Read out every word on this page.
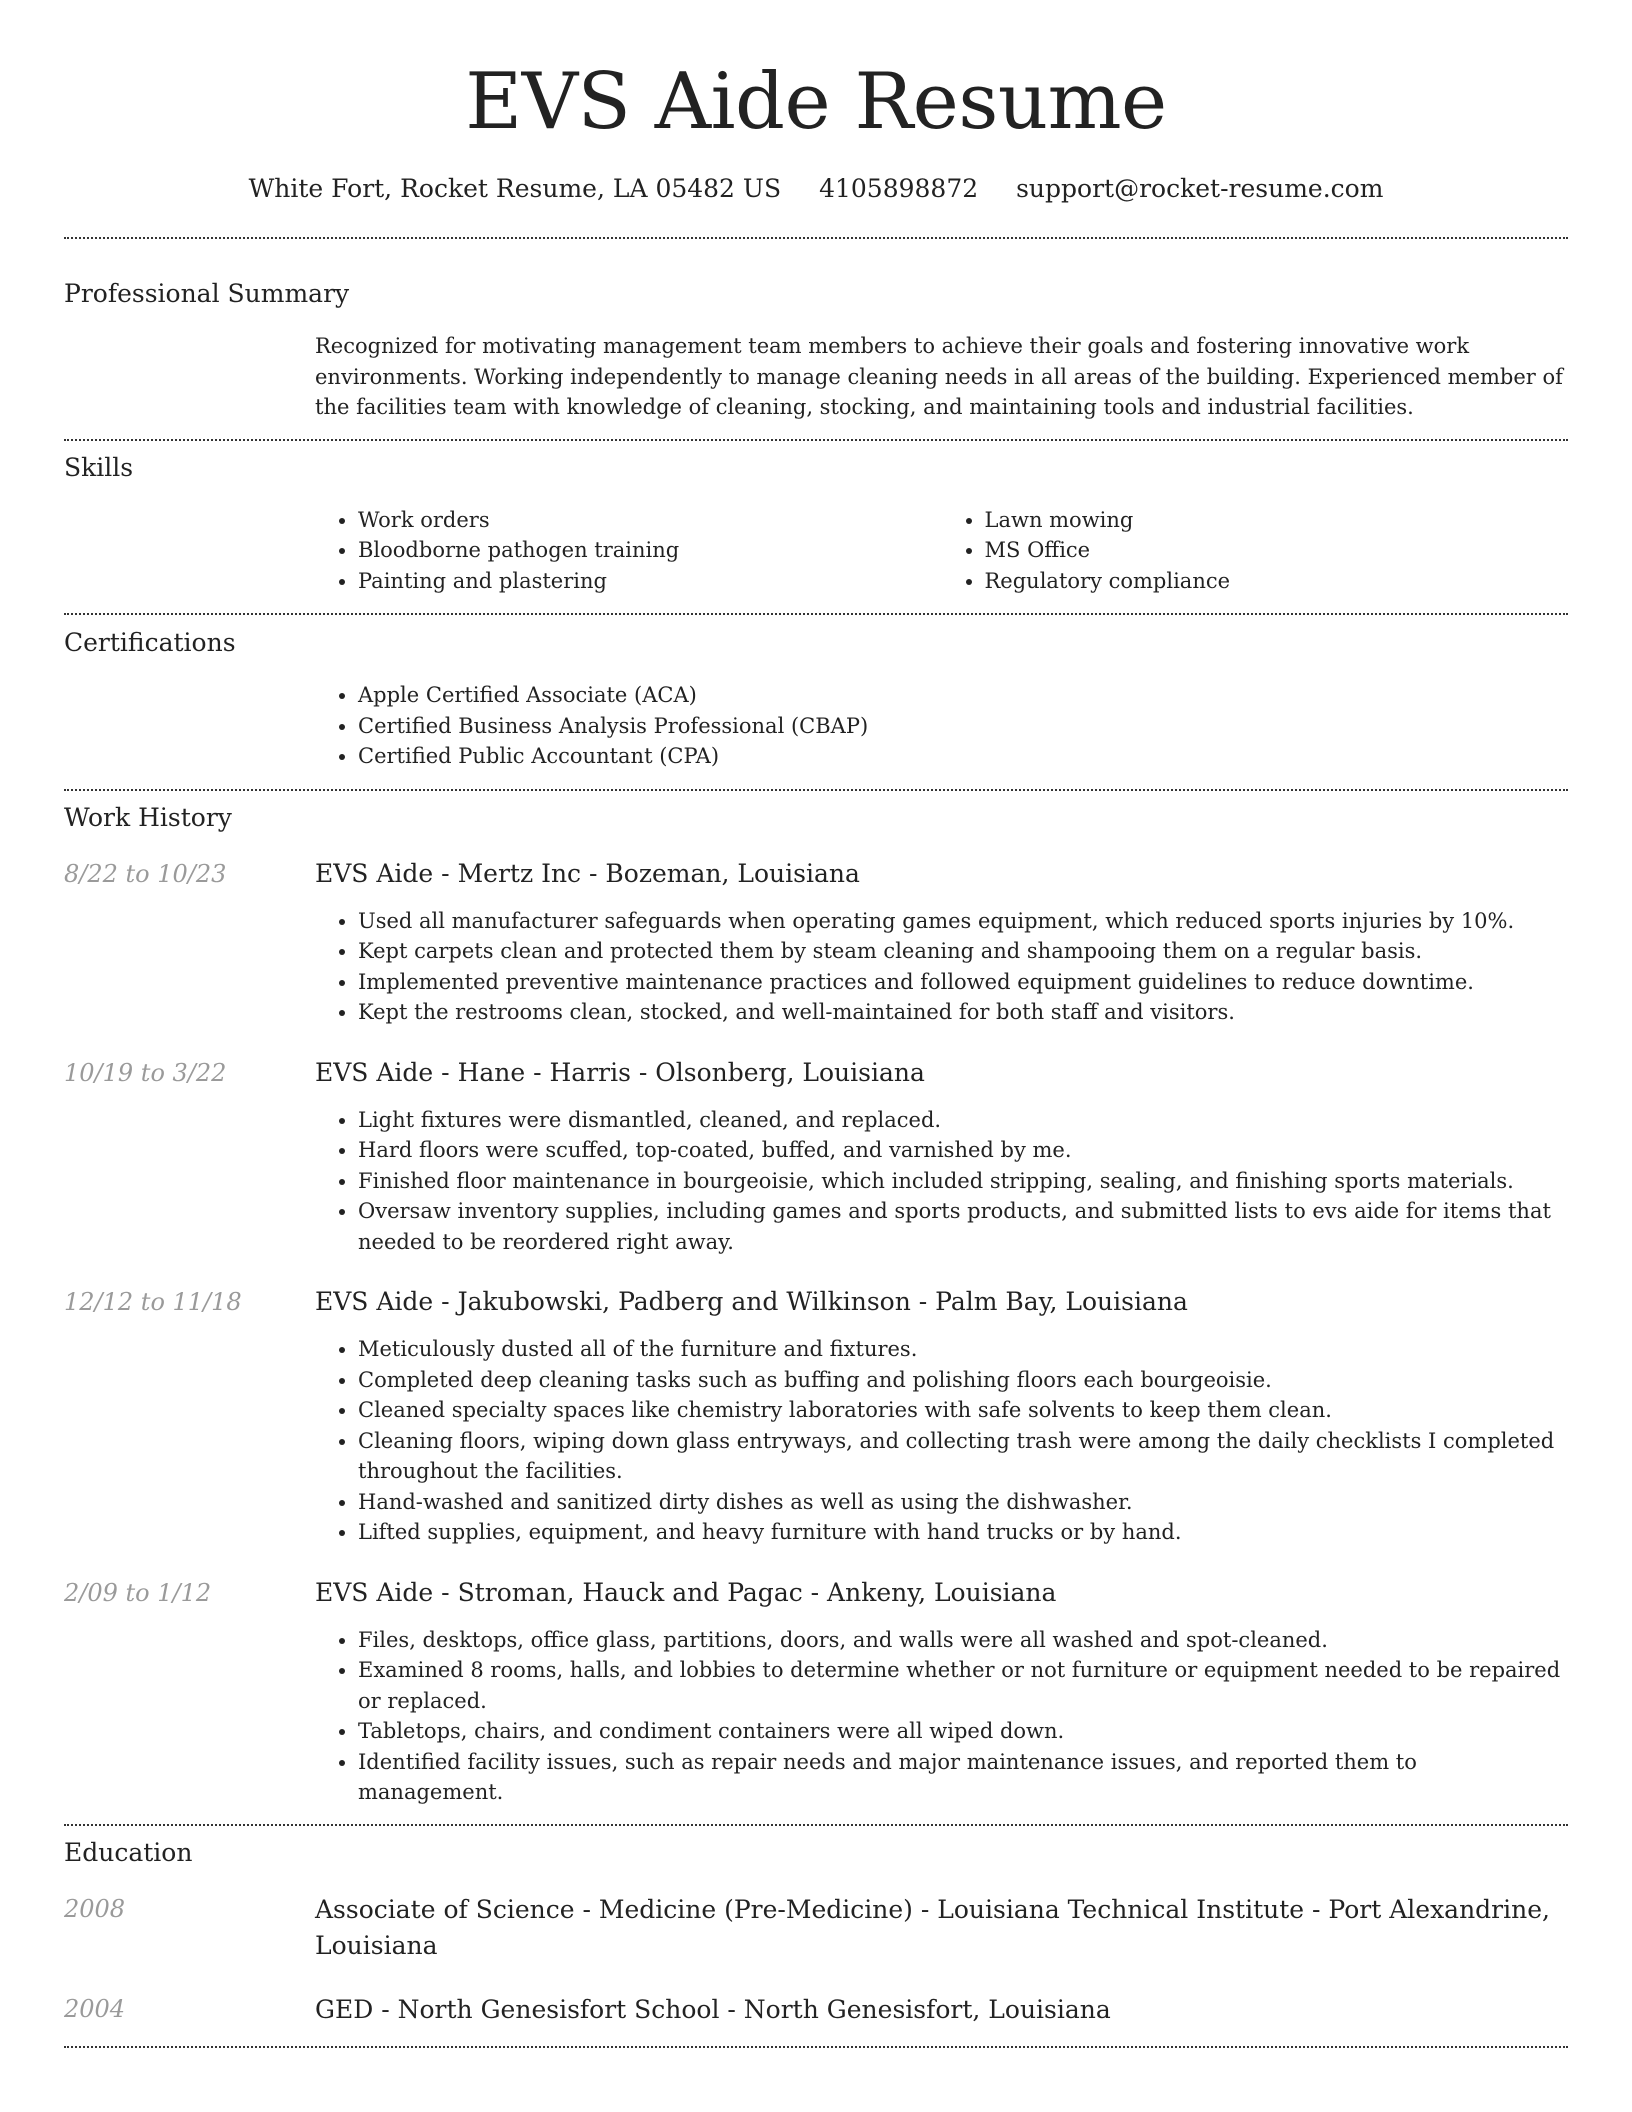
EVS Aide Resume
White Fort, Rocket Resume, LA 05482 US 4105898872 support@rocket-resume.com
Professional Summary

Recognized for motivating management team members to achieve their goals and fostering innovative work environments. Working independently to manage cleaning needs in all areas of the building. Experienced member of the facilities team with knowledge of cleaning, stocking, and maintaining tools and industrial facilities.

Skills
• Work orders
• Bloodborne pathogen training
• Painting and plastering
• Lawn mowing
• MS Office
• Regulatory compliance
Certifications
• Apple Certified Associate (ACA)
• Certified Business Analysis Professional (CBAP)
• Certified Public Accountant (CPA)
Work History
8/22 to 10/23	EVS Aide - Mertz Inc - Bozeman, Louisiana
• Used all manufacturer safeguards when operating games equipment, which reduced sports injuries by 10%.
• Kept carpets clean and protected them by steam cleaning and shampooing them on a regular basis.
• Implemented preventive maintenance practices and followed equipment guidelines to reduce downtime.
• Kept the restrooms clean, stocked, and well-maintained for both staff and visitors.
10/19 to 3/22	EVS Aide - Hane - Harris - Olsonberg, Louisiana
• Light fixtures were dismantled, cleaned, and replaced.
• Hard floors were scuffed, top-coated, buffed, and varnished by me.
• Finished floor maintenance in bourgeoisie, which included stripping, sealing, and finishing sports materials.
• Oversaw inventory supplies, including games and sports products, and submitted lists to evs aide for items that needed to be reordered right away.
12/12 to 11/18	EVS Aide - Jakubowski, Padberg and Wilkinson - Palm Bay, Louisiana
• Meticulously dusted all of the furniture and fixtures.
• Completed deep cleaning tasks such as buffing and polishing floors each bourgeoisie.
• Cleaned specialty spaces like chemistry laboratories with safe solvents to keep them clean.
• Cleaning floors, wiping down glass entryways, and collecting trash were among the daily checklists I completed throughout the facilities.
• Hand-washed and sanitized dirty dishes as well as using the dishwasher.
• Lifted supplies, equipment, and heavy furniture with hand trucks or by hand.
2/09 to 1/12	EVS Aide - Stroman, Hauck and Pagac - Ankeny, Louisiana
• Files, desktops, office glass, partitions, doors, and walls were all washed and spot-cleaned.
• Examined 8 rooms, halls, and lobbies to determine whether or not furniture or equipment needed to be repaired or replaced.
• Tabletops, chairs, and condiment containers were all wiped down.
• Identified facility issues, such as repair needs and major maintenance issues, and reported them to management.
Education
2008	Associate of Science - Medicine (Pre-Medicine) - Louisiana Technical Institute - Port Alexandrine, Louisiana
2004	GED - North Genesisfort School - North Genesisfort, Louisiana
